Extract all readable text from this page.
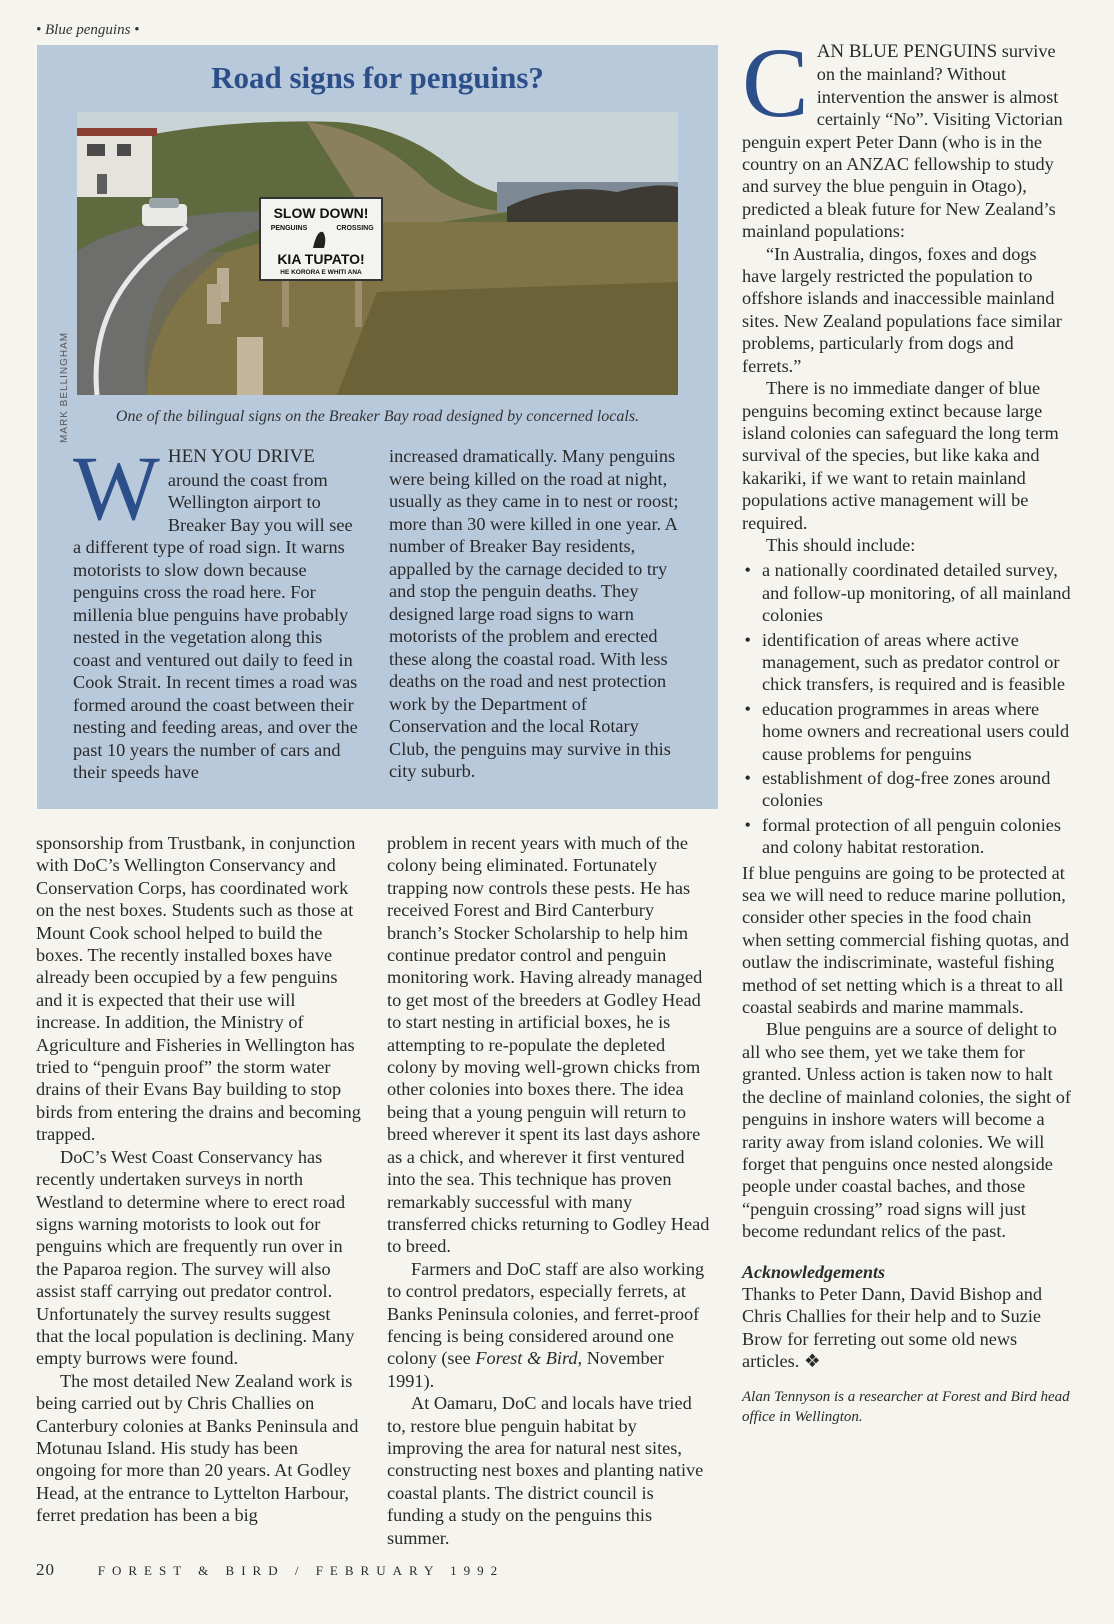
• Blue penguins •
Road signs for penguins?
SLOW DOWN!
PENGUINS	CROSSING
KIA TUPATO!
HE KORORA E WHITI ANA
MARK BELLINGHAM	One of the bilingual signs on the Breaker Bay road designed by concerned locals.

WHEN YOU DRIVE around the coast from Wellington airport to Breaker Bay you will see a different type of road sign. It warns motorists to slow down because penguins cross the road here. For millenia blue penguins have probably nested in the vegetation along this coast and ventured out daily to feed in Cook Strait. In recent times a road was formed around the coast between their nesting and feeding areas, and over the past 10 years the number of cars and their speeds have

increased dramatically. Many penguins were being killed on the road at night, usually as they came in to nest or roost; more than 30 were killed in one year. A number of Breaker Bay residents, appalled by the carnage decided to try and stop the penguin deaths. They designed large road signs to warn motorists of the problem and erected these along the coastal road. With less deaths on the road and nest protection work by the Department of Conservation and the local Rotary Club, the penguins may survive in this city suburb.

sponsorship from Trustbank, in conjunction with DoC’s Wellington Conservancy and Conservation Corps, has coordinated work on the nest boxes. Students such as those at Mount Cook school helped to build the boxes. The recently installed boxes have already been occupied by a few penguins and it is expected that their use will increase. In addition, the Ministry of Agriculture and Fisheries in Wellington has tried to “penguin proof” the storm water drains of their Evans Bay building to stop birds from entering the drains and becoming trapped.

DoC’s West Coast Conservancy has recently undertaken surveys in north Westland to determine where to erect road signs warning motorists to look out for penguins which are frequently run over in the Paparoa region. The survey will also assist staff carrying out predator control. Unfortunately the survey results suggest that the local population is declining. Many empty burrows were found.

The most detailed New Zealand work is being carried out by Chris Challies on Canterbury colonies at Banks Peninsula and Motunau Island. His study has been ongoing for more than 20 years. At Godley Head, at the entrance to Lyttelton Harbour, ferret predation has been a big

problem in recent years with much of the colony being eliminated. Fortunately trapping now controls these pests. He has received Forest and Bird Canterbury branch’s Stocker Scholarship to help him continue predator control and penguin monitoring work. Having already managed to get most of the breeders at Godley Head to start nesting in artificial boxes, he is attempting to re-populate the depleted colony by moving well-grown chicks from other colonies into boxes there. The idea being that a young penguin will return to breed wherever it spent its last days ashore as a chick, and wherever it first ventured into the sea. This technique has proven remarkably successful with many transferred chicks returning to Godley Head to breed.

Farmers and DoC staff are also working to control predators, especially ferrets, at Banks Peninsula colonies, and ferret-proof fencing is being considered around one colony (see Forest & Bird, November 1991).

At Oamaru, DoC and locals have tried to, restore blue penguin habitat by improving the area for natural nest sites, constructing nest boxes and planting native coastal plants. The district council is funding a study on the penguins this summer.

CAN BLUE PENGUINS survive on the mainland? Without intervention the answer is almost certainly “No”. Visiting Victorian penguin expert Peter Dann (who is in the country on an ANZAC fellowship to study and survey the blue penguin in Otago), predicted a bleak future for New Zealand’s mainland populations:

“In Australia, dingos, foxes and dogs have largely restricted the population to offshore islands and inaccessible mainland sites. New Zealand populations face similar problems, particularly from dogs and ferrets.”

There is no immediate danger of blue penguins becoming extinct because large island colonies can safeguard the long term survival of the species, but like kaka and kakariki, if we want to retain mainland populations active management will be required.

This should include:

• a nationally coordinated detailed survey, and follow-up monitoring, of all mainland colonies
• identification of areas where active management, such as predator control or chick transfers, is required and is feasible
• education programmes in areas where home owners and recreational users could cause problems for penguins
• establishment of dog-free zones around colonies
• formal protection of all penguin colonies and colony habitat restoration.

If blue penguins are going to be protected at sea we will need to reduce marine pollution, consider other species in the food chain when setting commercial fishing quotas, and outlaw the indiscriminate, wasteful fishing method of set netting which is a threat to all coastal seabirds and marine mammals.

Blue penguins are a source of delight to all who see them, yet we take them for granted. Unless action is taken now to halt the decline of mainland colonies, the sight of penguins in inshore waters will become a rarity away from island colonies. We will forget that penguins once nested alongside people under coastal baches, and those “penguin crossing” road signs will just become redundant relics of the past.

Acknowledgements

Thanks to Peter Dann, David Bishop and Chris Challies for their help and to Suzie Brow for ferreting out some old news articles. ❖

Alan Tennyson is a researcher at Forest and Bird head office in Wellington.

20	FOREST & BIRD / FEBRUARY 1992
